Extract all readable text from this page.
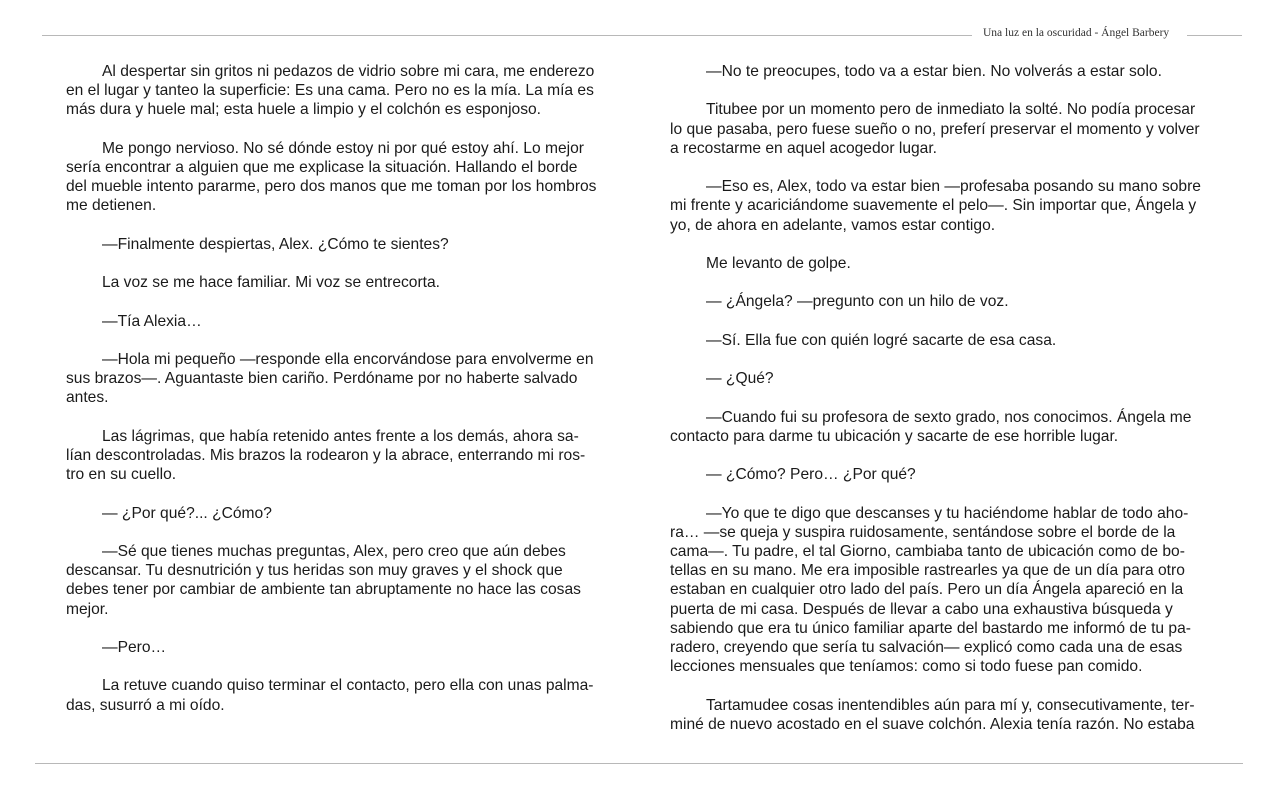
Una luz en la oscuridad - Ángel Barbery

Al despertar sin gritos ni pedazos de vidrio sobre mi cara, me enderezo
en el lugar y tanteo la superficie: Es una cama. Pero no es la mía. La mía es
más dura y huele mal; esta huele a limpio y el colchón es esponjoso.

Me pongo nervioso. No sé dónde estoy ni por qué estoy ahí. Lo mejor
sería encontrar a alguien que me explicase la situación. Hallando el borde
del mueble intento pararme, pero dos manos que me toman por los hombros
me detienen.

—Finalmente despiertas, Alex. ¿Cómo te sientes?

La voz se me hace familiar. Mi voz se entrecorta.

—Tía Alexia…

—Hola mi pequeño —responde ella encorvándose para envolverme en
sus brazos—. Aguantaste bien cariño. Perdóname por no haberte salvado
antes.

Las lágrimas, que había retenido antes frente a los demás, ahora sa-
lían descontroladas. Mis brazos la rodearon y la abrace, enterrando mi ros-
tro en su cuello.

— ¿Por qué?... ¿Cómo?

—Sé que tienes muchas preguntas, Alex, pero creo que aún debes
descansar. Tu desnutrición y tus heridas son muy graves y el shock que
debes tener por cambiar de ambiente tan abruptamente no hace las cosas
mejor.

—Pero…

La retuve cuando quiso terminar el contacto, pero ella con unas palma-
das, susurró a mi oído.

—No te preocupes, todo va a estar bien. No volverás a estar solo.

Titubee por un momento pero de inmediato la solté. No podía procesar
lo que pasaba, pero fuese sueño o no, preferí preservar el momento y volver
a recostarme en aquel acogedor lugar.

—Eso es, Alex, todo va estar bien —profesaba posando su mano sobre
mi frente y acariciándome suavemente el pelo—. Sin importar que, Ángela y
yo, de ahora en adelante, vamos estar contigo.

Me levanto de golpe.

— ¿Ángela? —pregunto con un hilo de voz.

—Sí. Ella fue con quién logré sacarte de esa casa.

— ¿Qué?

—Cuando fui su profesora de sexto grado, nos conocimos. Ángela me
contacto para darme tu ubicación y sacarte de ese horrible lugar.

— ¿Cómo? Pero… ¿Por qué?

—Yo que te digo que descanses y tu haciéndome hablar de todo aho-
ra… —se queja y suspira ruidosamente, sentándose sobre el borde de la
cama—. Tu padre, el tal Giorno, cambiaba tanto de ubicación como de bo-
tellas en su mano. Me era imposible rastrearles ya que de un día para otro
estaban en cualquier otro lado del país. Pero un día Ángela apareció en la
puerta de mi casa. Después de llevar a cabo una exhaustiva búsqueda y
sabiendo que era tu único familiar aparte del bastardo me informó de tu pa-
radero, creyendo que sería tu salvación— explicó como cada una de esas
lecciones mensuales que teníamos: como si todo fuese pan comido.

Tartamudee cosas inentendibles aún para mí y, consecutivamente, ter-
miné de nuevo acostado en el suave colchón. Alexia tenía razón. No estaba
